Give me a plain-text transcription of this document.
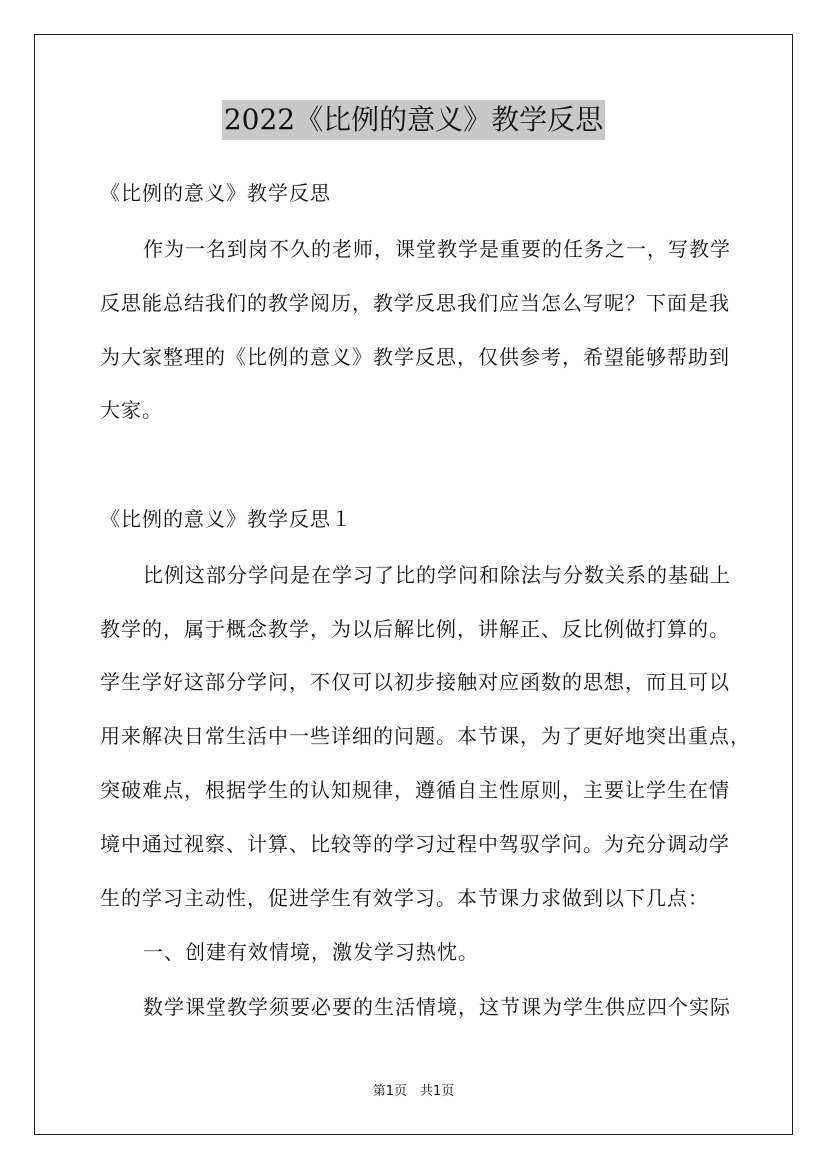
2022《比例的意义》教学反思
《比例的意义》教学反思
作为一名到岗不久的老师，课堂教学是重要的任务之一，写教学
反思能总结我们的教学阅历，教学反思我们应当怎么写呢？下面是我
为大家整理的《比例的意义》教学反思，仅供参考，希望能够帮助到
大家。
《比例的意义》教学反思１
比例这部分学问是在学习了比的学问和除法与分数关系的基础上
教学的，属于概念教学，为以后解比例，讲解正、反比例做打算的。
学生学好这部分学问，不仅可以初步接触对应函数的思想，而且可以
用来解决日常生活中一些详细的问题。本节课，为了更好地突出重点，
突破难点，根据学生的认知规律，遵循自主性原则，主要让学生在情
境中通过视察、计算、比较等的学习过程中驾驭学问。为充分调动学
生的学习主动性，促进学生有效学习。本节课力求做到以下几点：
一、创建有效情境，激发学习热忱。
数学课堂教学须要必要的生活情境，这节课为学生供应四个实际
第1页　共1页
